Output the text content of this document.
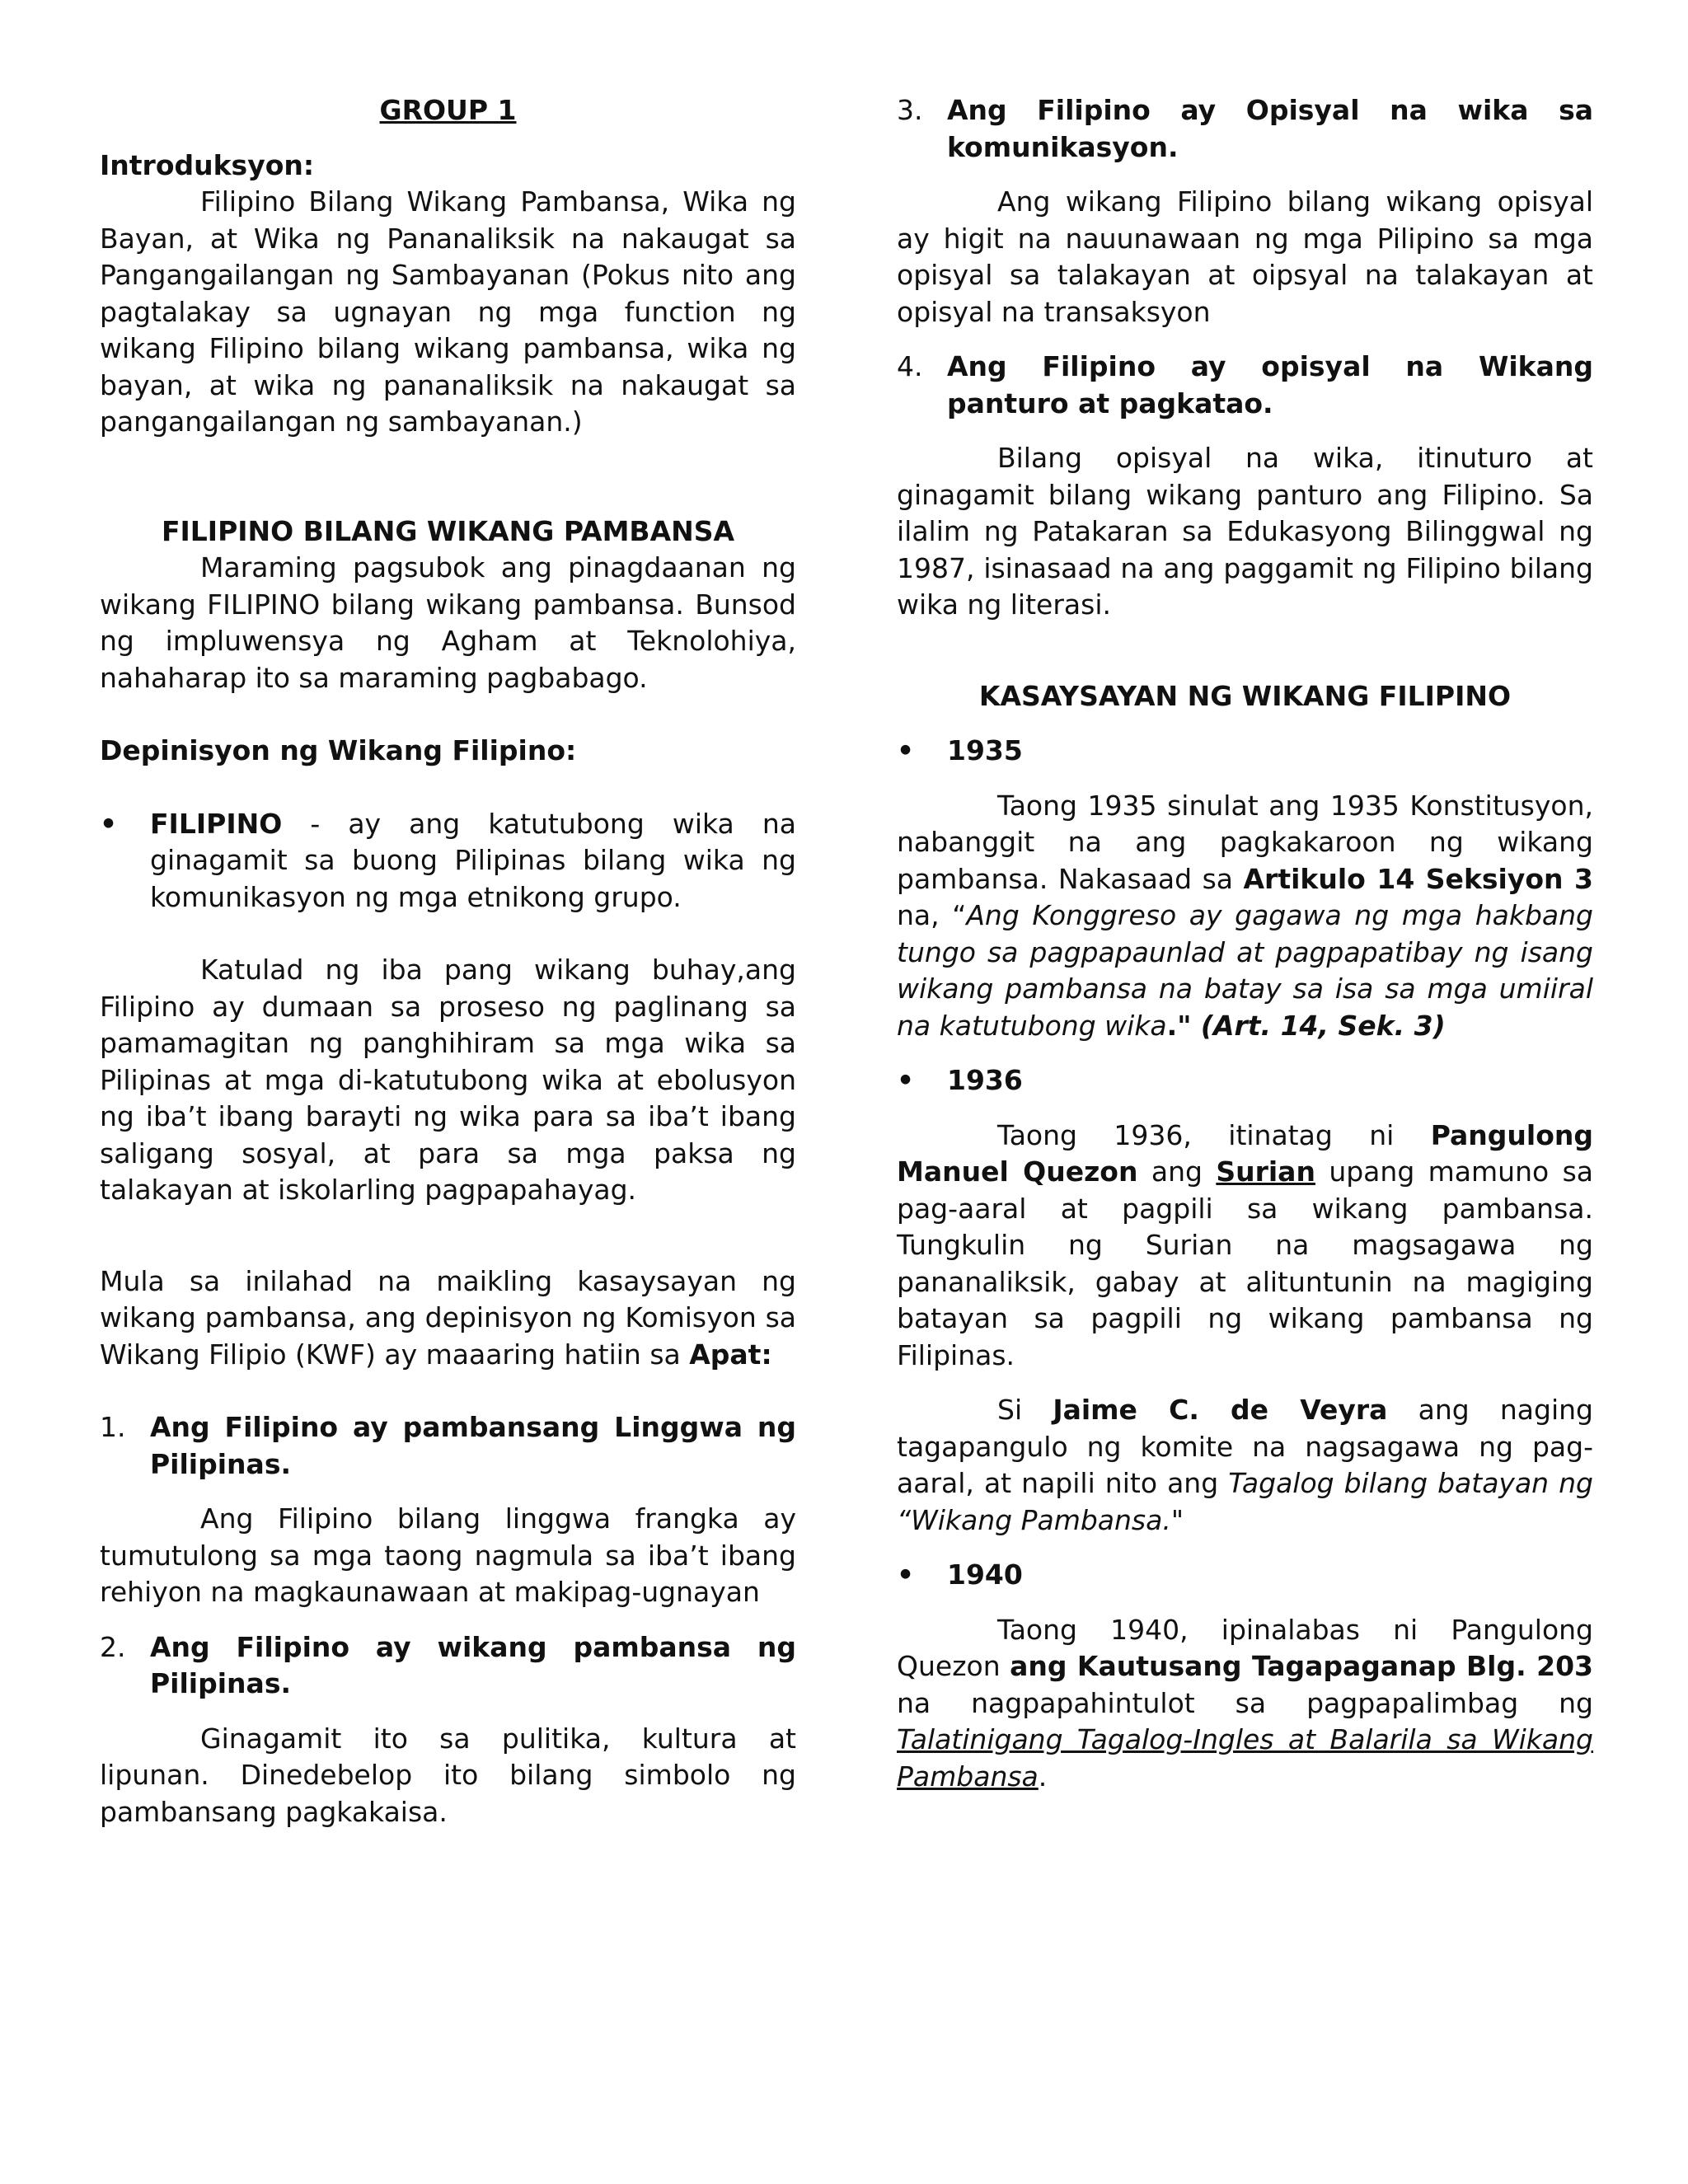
GROUP 1

Introduksyon:

Filipino Bilang Wikang Pambansa, Wika ng Bayan, at Wika ng Pananaliksik na nakaugat sa Pangangailangan ng Sambayanan (Pokus nito ang pagtalakay sa ugnayan ng mga function ng wikang Filipino bilang wikang pambansa, wika ng bayan, at wika ng pananaliksik na nakaugat sa pangangailangan ng sambayanan.)

FILIPINO BILANG WIKANG PAMBANSA

Maraming pagsubok ang pinagdaanan ng wikang FILIPINO bilang wikang pambansa. Bunsod ng impluwensya ng Agham at Teknolohiya, nahaharap ito sa maraming pagbabago.

Depinisyon ng Wikang Filipino:

•	FILIPINO - ay ang katutubong wika na ginagamit sa buong Pilipinas bilang wika ng komunikasyon ng mga etnikong grupo.

Katulad ng iba pang wikang buhay,ang Filipino ay dumaan sa proseso ng paglinang sa pamamagitan ng panghihiram sa mga wika sa Pilipinas at mga di-katutubong wika at ebolusyon ng iba’t ibang barayti ng wika para sa iba’t ibang saligang sosyal, at para sa mga paksa ng talakayan at iskolarling pagpapahayag.

Mula sa inilahad na maikling kasaysayan ng wikang pambansa, ang depinisyon ng Komisyon sa Wikang Filipio (KWF) ay maaaring hatiin sa Apat:

1. Ang Filipino ay pambansang Linggwa ng Pilipinas.

Ang Filipino bilang linggwa frangka ay tumutulong sa mga taong nagmula sa iba’t ibang rehiyon na magkaunawaan at makipag-ugnayan

2. Ang Filipino ay wikang pambansa ng Pilipinas.

Ginagamit ito sa pulitika, kultura at lipunan. Dinedebelop ito bilang simbolo ng pambansang pagkakaisa.

3. Ang Filipino ay Opisyal na wika sa komunikasyon.

Ang wikang Filipino bilang wikang opisyal ay higit na nauunawaan ng mga Pilipino sa mga opisyal sa talakayan at oipsyal na talakayan at opisyal na transaksyon

4. Ang Filipino ay opisyal na Wikang panturo at pagkatao.

Bilang opisyal na wika, itinuturo at ginagamit bilang wikang panturo ang Filipino. Sa ilalim ng Patakaran sa Edukasyong Bilinggwal ng 1987, isinasaad na ang paggamit ng Filipino bilang wika ng literasi.

KASAYSAYAN NG WIKANG FILIPINO

•	1935

Taong 1935 sinulat ang 1935 Konstitusyon, nabanggit na ang pagkakaroon ng wikang pambansa. Nakasaad sa Artikulo 14 Seksiyon 3 na, “Ang Konggreso ay gagawa ng mga hakbang tungo sa pagpapaunlad at pagpapatibay ng isang wikang pambansa na batay sa isa sa mga umiiral na katutubong wika." (Art. 14, Sek. 3)

•	1936

Taong 1936, itinatag ni Pangulong Manuel Quezon ang Surian upang mamuno sa pag-aaral at pagpili sa wikang pambansa. Tungkulin ng Surian na magsagawa ng pananaliksik, gabay at alituntunin na magiging batayan sa pagpili ng wikang pambansa ng Filipinas.

Si Jaime C. de Veyra ang naging tagapangulo ng komite na nagsagawa ng pag-aaral, at napili nito ang Tagalog bilang batayan ng “Wikang Pambansa."

•	1940

Taong 1940, ipinalabas ni Pangulong Quezon ang Kautusang Tagapaganap Blg. 203 na nagpapahintulot sa pagpapalimbag ng Talatinigang Tagalog-Ingles at Balarila sa Wikang Pambansa.
